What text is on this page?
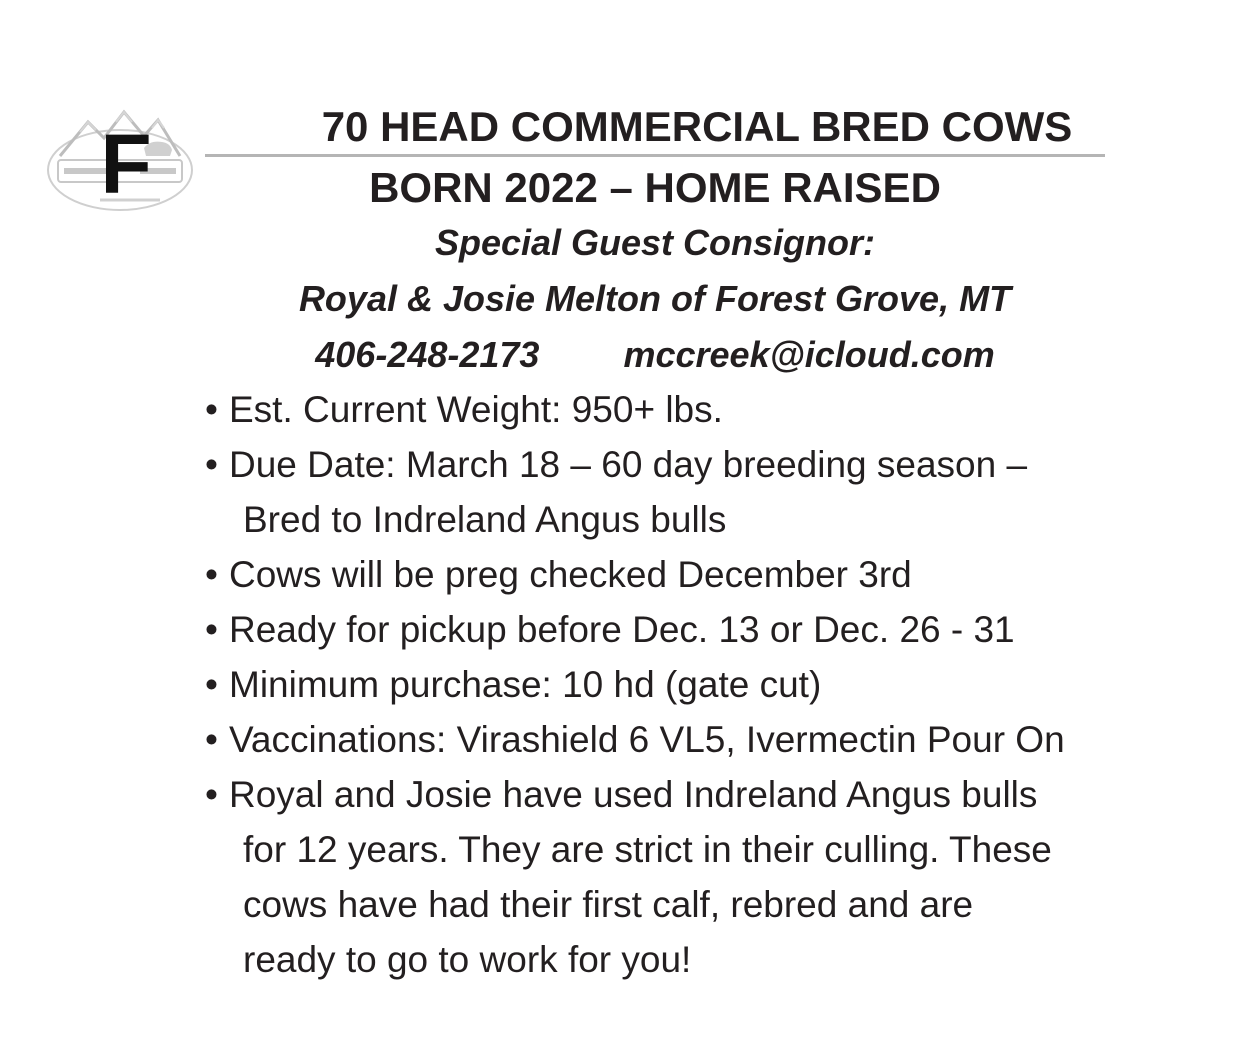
F	70 HEAD COMMERCIAL BRED COWS
BORN 2022 – HOME RAISED
Special Guest Consignor:
Royal & Josie Melton of Forest Grove, MT
406-248-2173 mccreek@icloud.com
• Est. Current Weight: 950+ lbs.
• Due Date: March 18 – 60 day breeding season –
Bred to Indreland Angus bulls
• Cows will be preg checked December 3rd
• Ready for pickup before Dec. 13 or Dec. 26 - 31
• Minimum purchase: 10 hd (gate cut)
• Vaccinations: Virashield 6 VL5, Ivermectin Pour On
• Royal and Josie have used Indreland Angus bulls
for 12 years. They are strict in their culling. These
cows have had their first calf, rebred and are
ready to go to work for you!
